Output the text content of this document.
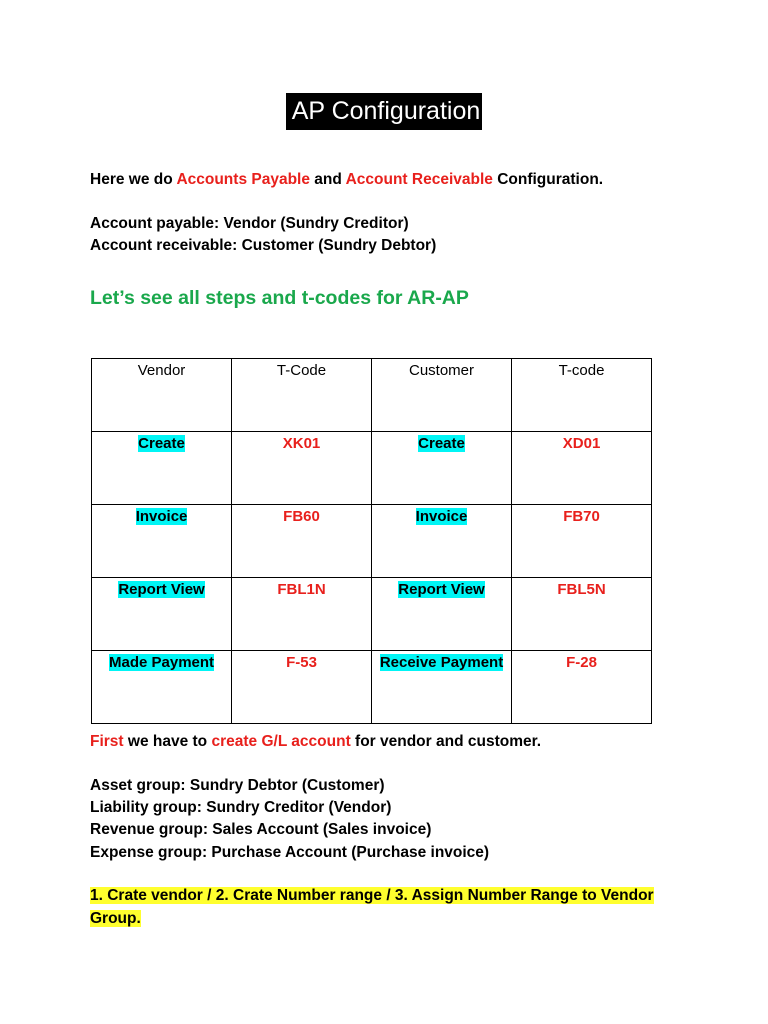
AP Configuration
Here we do Accounts Payable and Account Receivable Configuration.
Account payable: Vendor (Sundry Creditor)
Account receivable: Customer (Sundry Debtor)
Let’s see all steps and t-codes for AR-AP
Vendor	T-Code	Customer	T-code
Create	XK01	Create	XD01
Invoice	FB60	Invoice	FB70
Report View	FBL1N	Report View	FBL5N
Made Payment	F-53	Receive Payment	F-28
First we have to create G/L account for vendor and customer.
Asset group: Sundry Debtor (Customer)
Liability group: Sundry Creditor (Vendor)
Revenue group: Sales Account (Sales invoice)
Expense group: Purchase Account (Purchase invoice)
1. Crate vendor / 2. Crate Number range / 3. Assign Number Range to Vendor
Group.
